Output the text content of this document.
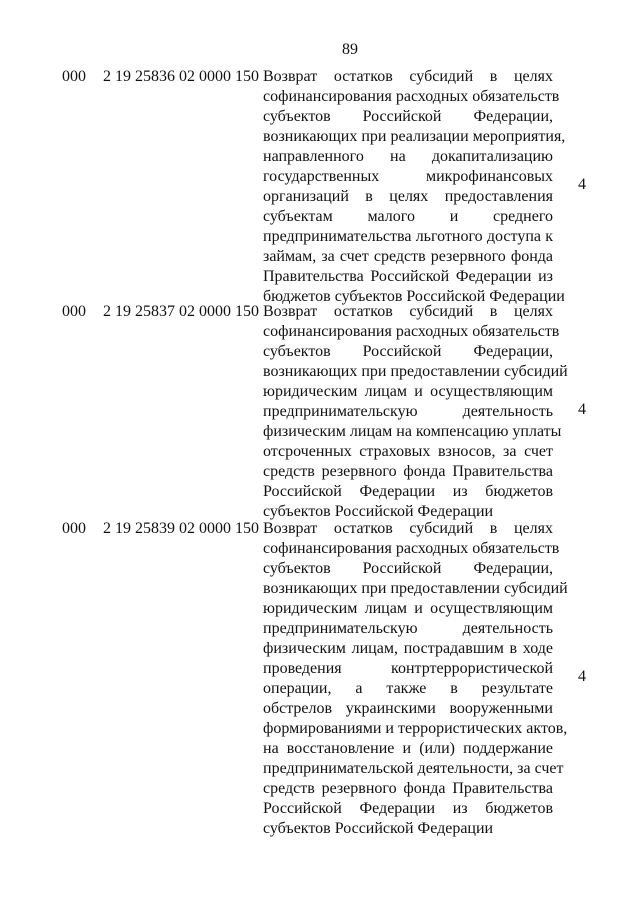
89
000 2 19 25836 02 0000 150 Возврат остатков субсидий в целях
софинансирования расходных обязательств
субъектов Российской Федерации,
возникающих при реализации мероприятия,
направленного на докапитализацию
государственных микрофинансовых
организаций в целях предоставления
субъектам малого и среднего
предпринимательства льготного доступа к
займам, за счет средств резервного фонда
Правительства Российской Федерации из
бюджетов субъектов Российской Федерации
4
000 2 19 25837 02 0000 150 Возврат остатков субсидий в целях
софинансирования расходных обязательств
субъектов Российской Федерации,
возникающих при предоставлении субсидий
юридическим лицам и осуществляющим
предпринимательскую деятельность
физическим лицам на компенсацию уплаты
отсроченных страховых взносов, за счет
средств резервного фонда Правительства
Российской Федерации из бюджетов
субъектов Российской Федерации
4
000 2 19 25839 02 0000 150 Возврат остатков субсидий в целях
софинансирования расходных обязательств
субъектов Российской Федерации,
возникающих при предоставлении субсидий
юридическим лицам и осуществляющим
предпринимательскую деятельность
физическим лицам, пострадавшим в ходе
проведения контртеррористической
операции, а также в результате
обстрелов украинскими вооруженными
формированиями и террористических актов,
на восстановление и (или) поддержание
предпринимательской деятельности, за счет
средств резервного фонда Правительства
Российской Федерации из бюджетов
субъектов Российской Федерации
4
